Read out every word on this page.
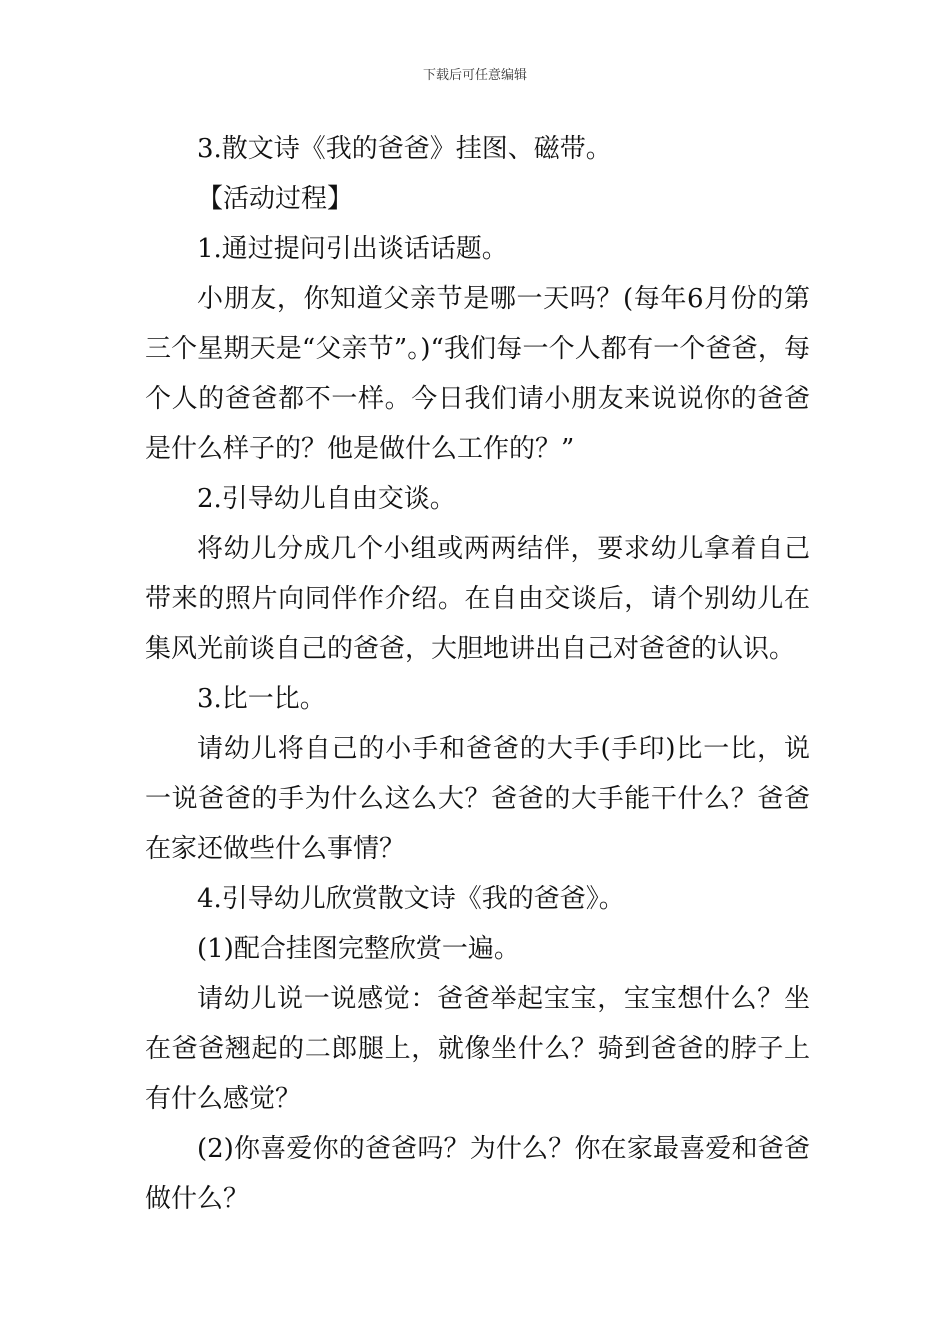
下载后可任意编辑

3.散文诗《我的爸爸》挂图、磁带。

【活动过程】

1.通过提问引出谈话话题。

小朋友，你知道父亲节是哪一天吗？(每年6月份的第三个星期天是“父亲节”。)“我们每一个人都有一个爸爸，每个人的爸爸都不一样。今日我们请小朋友来说说你的爸爸是什么样子的？他是做什么工作的？”

2.引导幼儿自由交谈。

将幼儿分成几个小组或两两结伴，要求幼儿拿着自己带来的照片向同伴作介绍。在自由交谈后，请个别幼儿在集风光前谈自己的爸爸，大胆地讲出自己对爸爸的认识。

3.比一比。

请幼儿将自己的小手和爸爸的大手(手印)比一比，说一说爸爸的手为什么这么大？爸爸的大手能干什么？爸爸在家还做些什么事情？

4.引导幼儿欣赏散文诗《我的爸爸》。

(1)配合挂图完整欣赏一遍。

请幼儿说一说感觉：爸爸举起宝宝，宝宝想什么？坐在爸爸翘起的二郎腿上，就像坐什么？骑到爸爸的脖子上有什么感觉？

(2)你喜爱你的爸爸吗？为什么？你在家最喜爱和爸爸做什么？
